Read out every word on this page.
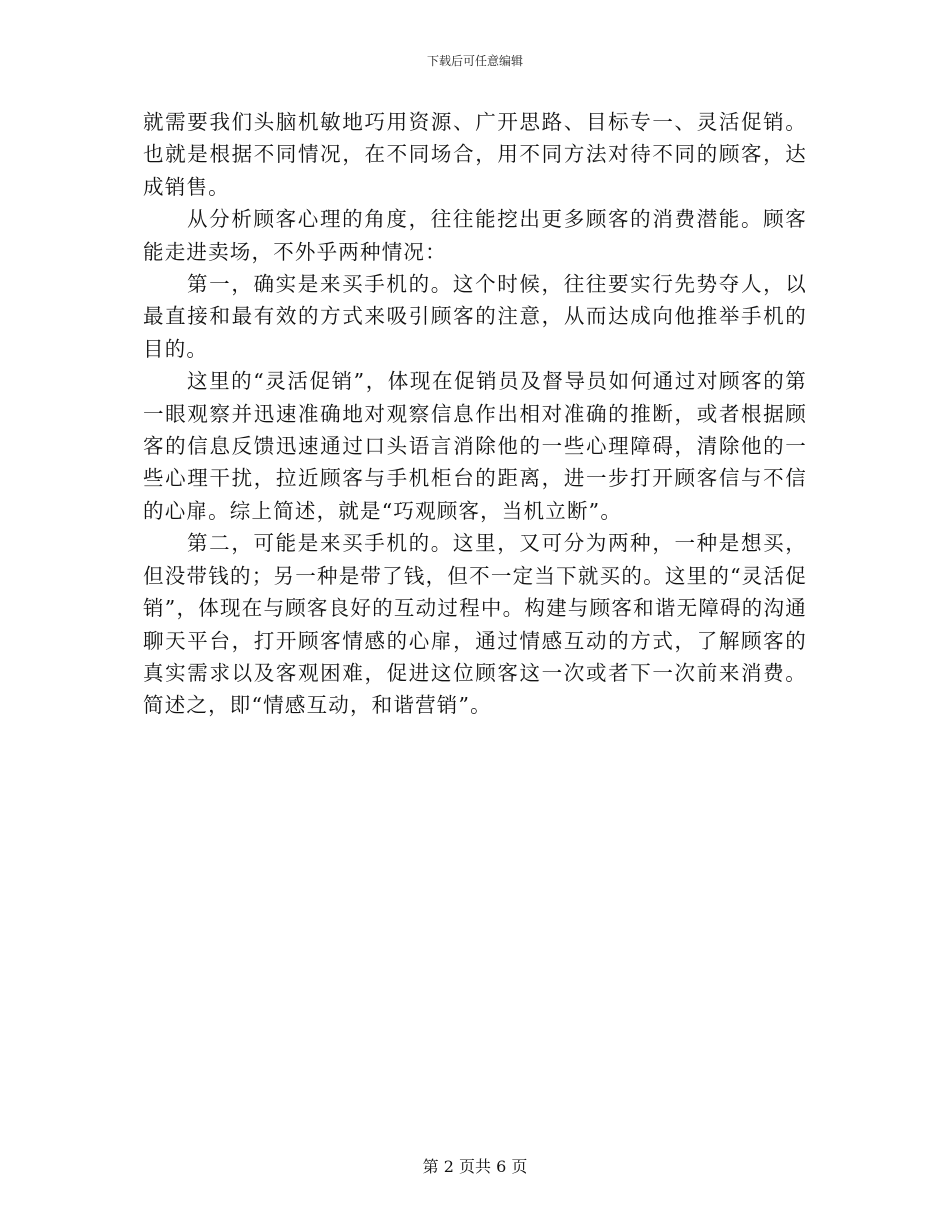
下载后可任意编辑

就需要我们头脑机敏地巧用资源、广开思路、目标专一、灵活促销。也就是根据不同情况，在不同场合，用不同方法对待不同的顾客，达成销售。

从分析顾客心理的角度，往往能挖出更多顾客的消费潜能。顾客能走进卖场，不外乎两种情况：

第一，确实是来买手机的。这个时候，往往要实行先势夺人，以最直接和最有效的方式来吸引顾客的注意，从而达成向他推举手机的目的。

这里的“灵活促销”，体现在促销员及督导员如何通过对顾客的第一眼观察并迅速准确地对观察信息作出相对准确的推断，或者根据顾客的信息反馈迅速通过口头语言消除他的一些心理障碍，清除他的一些心理干扰，拉近顾客与手机柜台的距离，进一步打开顾客信与不信的心扉。综上简述，就是“巧观顾客，当机立断”。

第二，可能是来买手机的。这里，又可分为两种，一种是想买，但没带钱的；另一种是带了钱，但不一定当下就买的。这里的“灵活促销”，体现在与顾客良好的互动过程中。构建与顾客和谐无障碍的沟通聊天平台，打开顾客情感的心扉，通过情感互动的方式，了解顾客的真实需求以及客观困难，促进这位顾客这一次或者下一次前来消费。简述之，即“情感互动，和谐营销”。

第 2 页共 6 页
